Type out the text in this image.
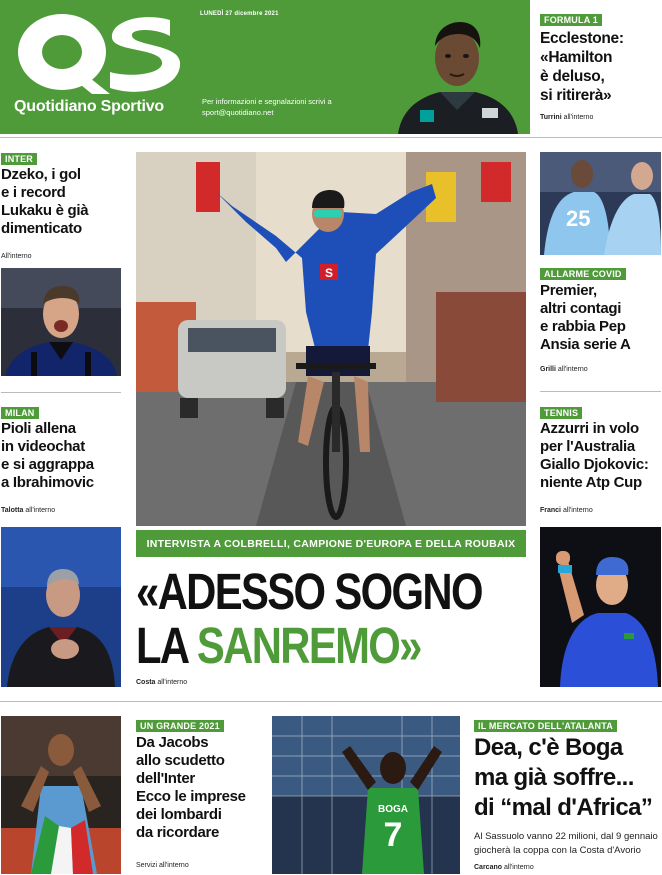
LUNEDÌ 27 dicembre 2021
Quotidiano Sportivo	Per informazioni e segnalazioni scrivi a
sport@quotidiano.net
FORMULA 1
Ecclestone:
«Hamilton
è deluso,
si ritirerà»
Turrini all'interno
INTER
Dzeko, i gol
e i record
Lukaku è già
dimenticato
All'interno
MILAN
Pioli allena
in videochat
e si aggrappa
a Ibrahimovic
Talotta all'interno
S
INTERVISTA A COLBRELLI, CAMPIONE D'EUROPA E DELLA ROUBAIX
«ADESSO SOGNO
LA SANREMO»
Costa all'interno
25
ALLARME COVID
Premier,
altri contagi
e rabbia Pep
Ansia serie A
Grilli all'interno
TENNIS
Azzurri in volo
per l'Australia
Giallo Djokovic:
niente Atp Cup
Franci all'interno
UN GRANDE 2021
Da Jacobs
allo scudetto
dell'Inter
Ecco le imprese
dei lombardi
da ricordare
Servizi all'interno
BOGA
7
IL MERCATO DELL'ATALANTA
Dea, c'è Boga
ma già soffre...
di “mal d'Africa”
Al Sassuolo vanno 22 milioni, dal 9 gennaio
giocherà la coppa con la Costa d'Avorio
Carcano all'interno
